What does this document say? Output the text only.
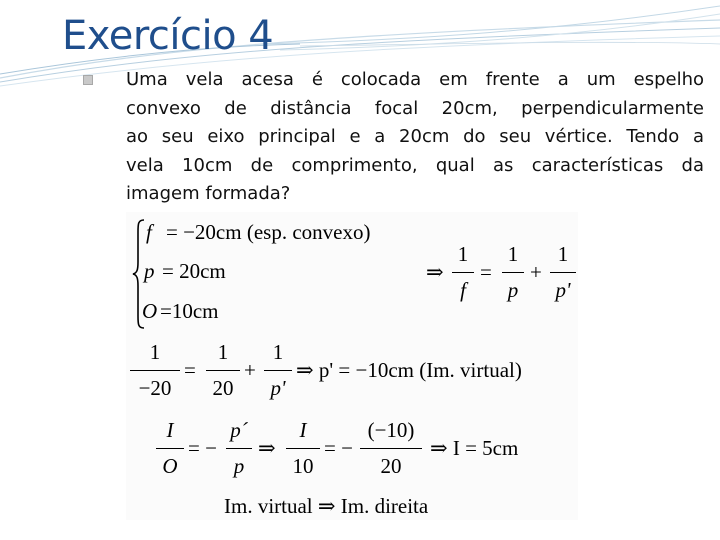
Exercício 4
Uma vela acesa é colocada em frente a um espelho
convexo de distância focal 20cm, perpendicularmente
ao seu eixo principal e a 20cm do seu vértice. Tendo a
vela 10cm de comprimento, qual as características da
imagem formada?
f = −20cm (esp. convexo)
p = 20cm
O =10cm
⇒
1
f
=
1
p
+
1
p'
1
−20
=
1
20
+
1
p'
⇒ p' = −10cm (Im. virtual)
I
O
= −
p´
p
⇒
I
10
= −
(−10)
20
⇒ I = 5cm
Im. virtual ⇒ Im. direita
